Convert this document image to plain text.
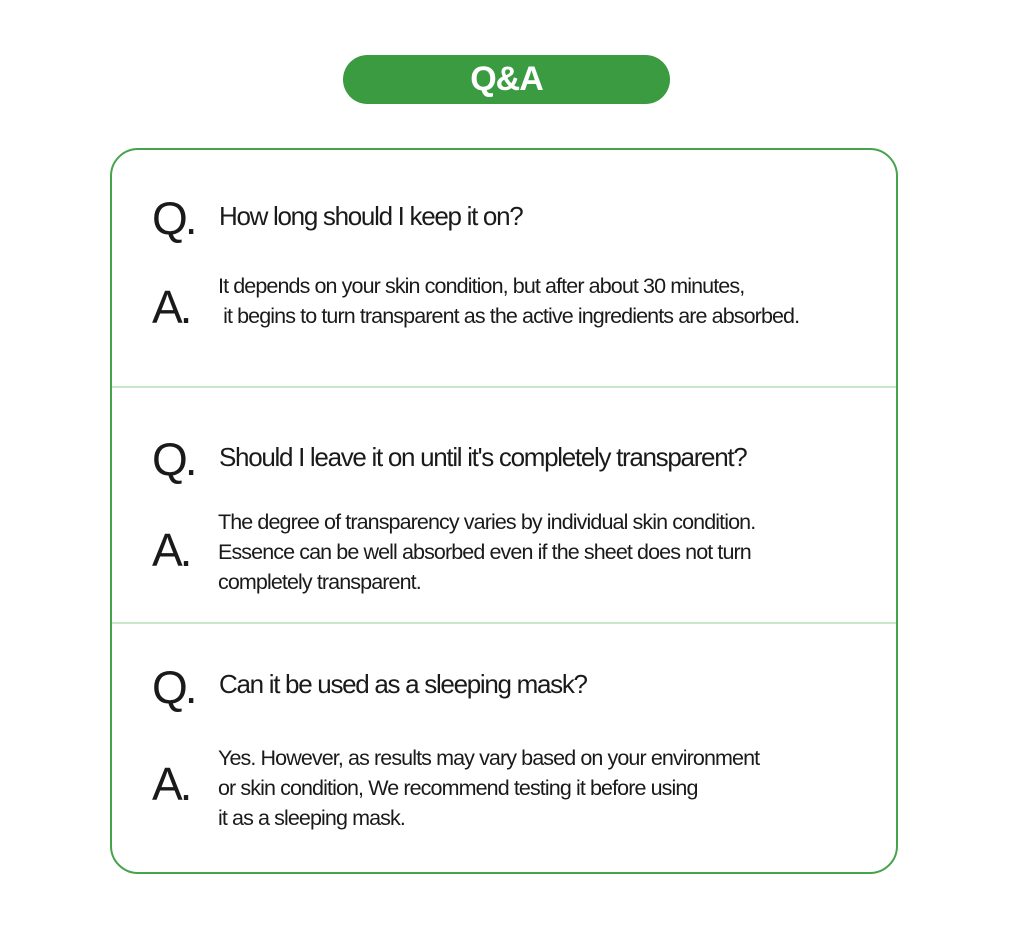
Q&A
Q. How long should I keep it on?
A. It depends on your skin condition, but after about 30 minutes,
it begins to turn transparent as the active ingredients are absorbed.
Q. Should I leave it on until it's completely transparent?
A.
The degree of transparency varies by individual skin condition.
Essence can be well absorbed even if the sheet does not turn
completely transparent.
Q. Can it be used as a sleeping mask?
A. Yes. However, as results may vary based on your environment
or skin condition, We recommend testing it before using
it as a sleeping mask.
